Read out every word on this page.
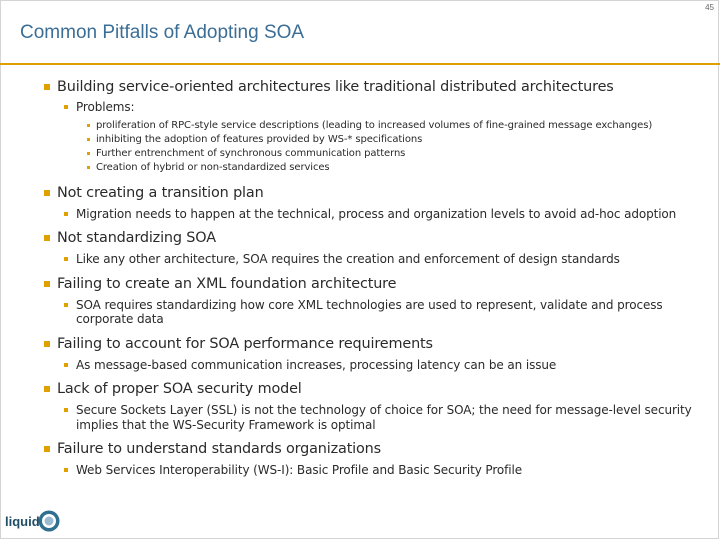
45
Common Pitfalls of Adopting SOA
Building service-oriented architectures like traditional distributed architectures
Problems:
proliferation of RPC-style service descriptions (leading to increased volumes of fine-grained message exchanges)
inhibiting the adoption of features provided by WS-* specifications
Further entrenchment of synchronous communication patterns
Creation of hybrid or non-standardized services
Not creating a transition plan
Migration needs to happen at the technical, process and organization levels to avoid ad-hoc adoption
Not standardizing SOA
Like any other architecture, SOA requires the creation and enforcement of design standards
Failing to create an XML foundation architecture
SOA requires standardizing how core XML technologies are used to represent, validate and process corporate data
Failing to account for SOA performance requirements
As message-based communication increases, processing latency can be an issue
Lack of proper SOA security model
Secure Sockets Layer (SSL) is not the technology of choice for SOA; the need for message-level security implies that the WS-Security Framework is optimal
Failure to understand standards organizations
Web Services Interoperability (WS-I): Basic Profile and Basic Security Profile
liquid
